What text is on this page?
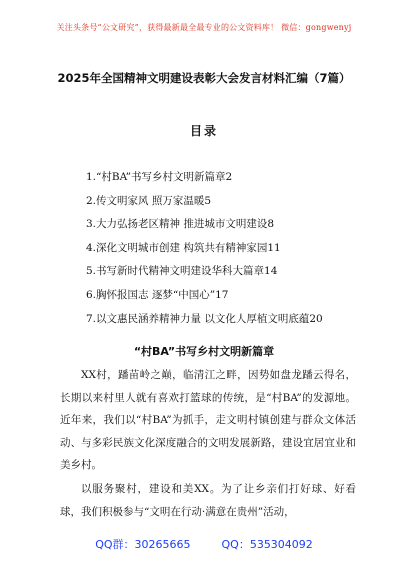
关注头条号“公文研究”，获得最新最全最专业的公文资料库！ 微信：gongwenyj
2025年全国精神文明建设表彰大会发言材料汇编（7篇）
目录
1.“村BA”书写乡村文明新篇章2
2.传文明家风 照万家温暖5
3.大力弘扬老区精神 推进城市文明建设8
4.深化文明城市创建 构筑共有精神家园11
5.书写新时代精神文明建设华科大篇章14
6.胸怀报国志 逐梦“中国心”17
7.以文惠民涵养精神力量 以文化人厚植文明底蕴20
“村BA”书写乡村文明新篇章

XX村，蹯苗岭之巅，临清江之畔，因势如盘龙蹯云得名，长期以来村里人就有喜欢打篮球的传统，是“村BA”的发源地。近年来，我们以“村BA”为抓手，走文明村镇创建与群众文体活动、与多彩民族文化深度融合的文明发展新路，建设宜居宜业和美乡村。

以服务聚村，建设和美XX。为了让乡亲们打好球、好看球，我们积极参与“文明在行动·满意在贵州”活动，

QQ群：30265665	QQ：535304092
